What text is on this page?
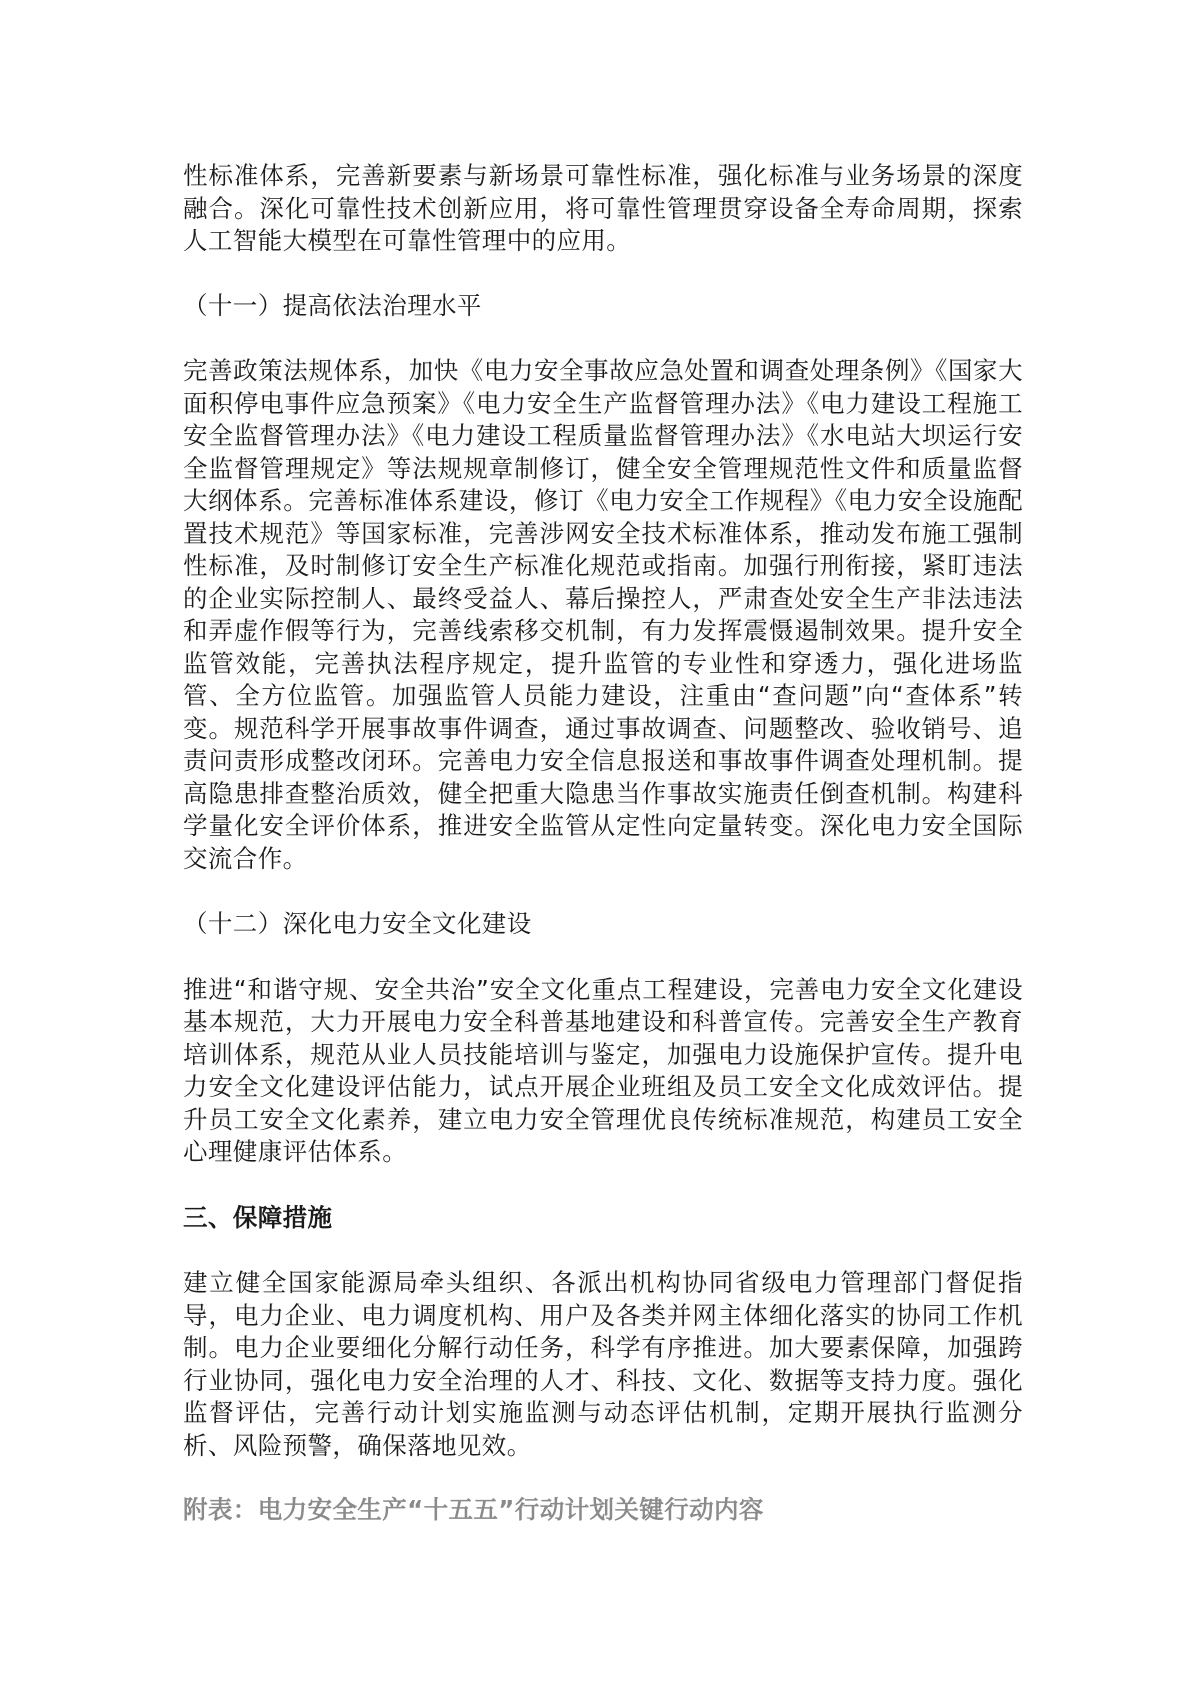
性标准体系，完善新要素与新场景可靠性标准，强化标准与业务场景的深度融合。深化可靠性技术创新应用，将可靠性管理贯穿设备全寿命周期，探索人工智能大模型在可靠性管理中的应用。

（十一）提高依法治理水平

完善政策法规体系，加快《电力安全事故应急处置和调查处理条例》《国家大面积停电事件应急预案》《电力安全生产监督管理办法》《电力建设工程施工安全监督管理办法》《电力建设工程质量监督管理办法》《水电站大坝运行安全监督管理规定》等法规规章制修订，健全安全管理规范性文件和质量监督大纲体系。完善标准体系建设，修订《电力安全工作规程》《电力安全设施配置技术规范》等国家标准，完善涉网安全技术标准体系，推动发布施工强制性标准，及时制修订安全生产标准化规范或指南。加强行刑衔接，紧盯违法的企业实际控制人、最终受益人、幕后操控人，严肃查处安全生产非法违法和弄虚作假等行为，完善线索移交机制，有力发挥震慑遏制效果。提升安全监管效能，完善执法程序规定，提升监管的专业性和穿透力，强化进场监管、全方位监管。加强监管人员能力建设，注重由“查问题”向“查体系”转变。规范科学开展事故事件调查，通过事故调查、问题整改、验收销号、追责问责形成整改闭环。完善电力安全信息报送和事故事件调查处理机制。提高隐患排查整治质效，健全把重大隐患当作事故实施责任倒查机制。构建科学量化安全评价体系，推进安全监管从定性向定量转变。深化电力安全国际交流合作。

（十二）深化电力安全文化建设

推进“和谐守规、安全共治”安全文化重点工程建设，完善电力安全文化建设基本规范，大力开展电力安全科普基地建设和科普宣传。完善安全生产教育培训体系，规范从业人员技能培训与鉴定，加强电力设施保护宣传。提升电力安全文化建设评估能力，试点开展企业班组及员工安全文化成效评估。提升员工安全文化素养，建立电力安全管理优良传统标准规范，构建员工安全心理健康评估体系。

三、保障措施

建立健全国家能源局牵头组织、各派出机构协同省级电力管理部门督促指导，电力企业、电力调度机构、用户及各类并网主体细化落实的协同工作机制。电力企业要细化分解行动任务，科学有序推进。加大要素保障，加强跨行业协同，强化电力安全治理的人才、科技、文化、数据等支持力度。强化监督评估，完善行动计划实施监测与动态评估机制，定期开展执行监测分析、风险预警，确保落地见效。

附表：电力安全生产“十五五”行动计划关键行动内容
